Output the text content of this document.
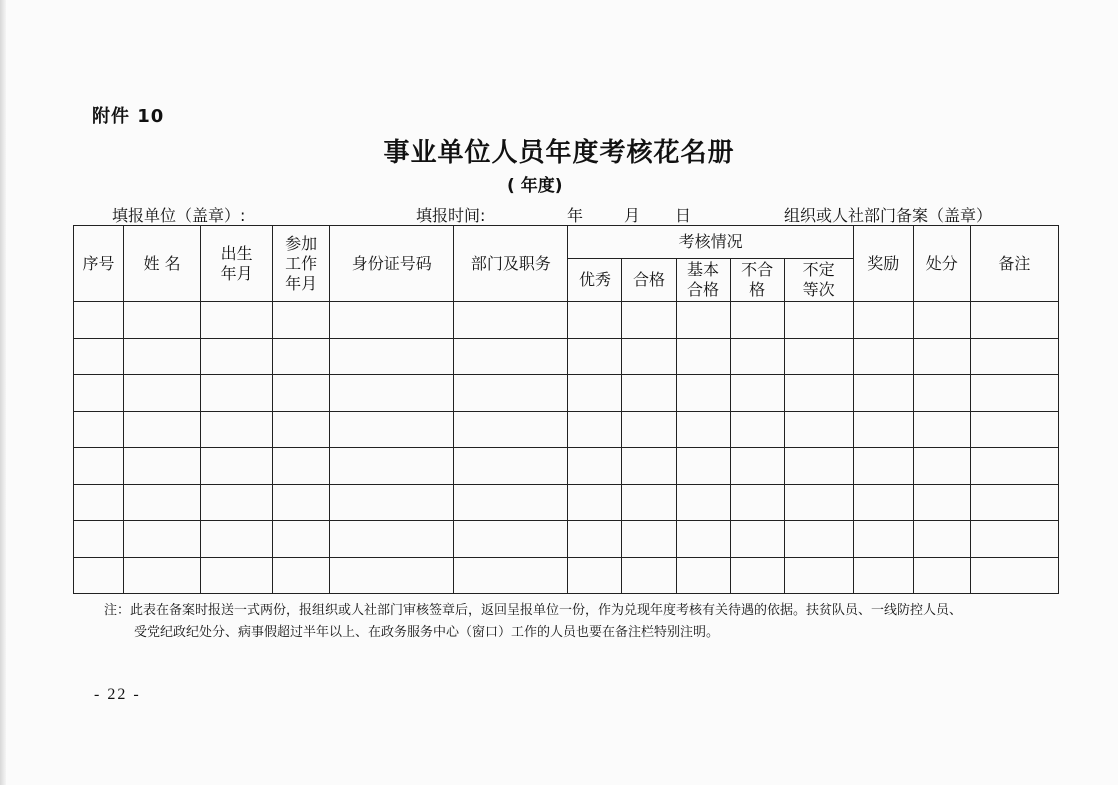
附件 10
事业单位人员年度考核花名册
( 年度)
填报单位（盖章）:	填报时间:	年	月 日	组织或人社部门备案（盖章）
序号	姓 名	出生年月	参加工作年月	身份证号码	部门及职务	考核情况					奖励	处分	备注
						优秀	合格	基本合格	不合格	不定等次			

注：此表在备案时报送一式两份，报组织或人社部门审核签章后，返回呈报单位一份，作为兑现年度考核有关待遇的依据。扶贫队员、一线防控人员、
受党纪政纪处分、病事假超过半年以上、在政务服务中心（窗口）工作的人员也要在备注栏特别注明。
- 22 -
